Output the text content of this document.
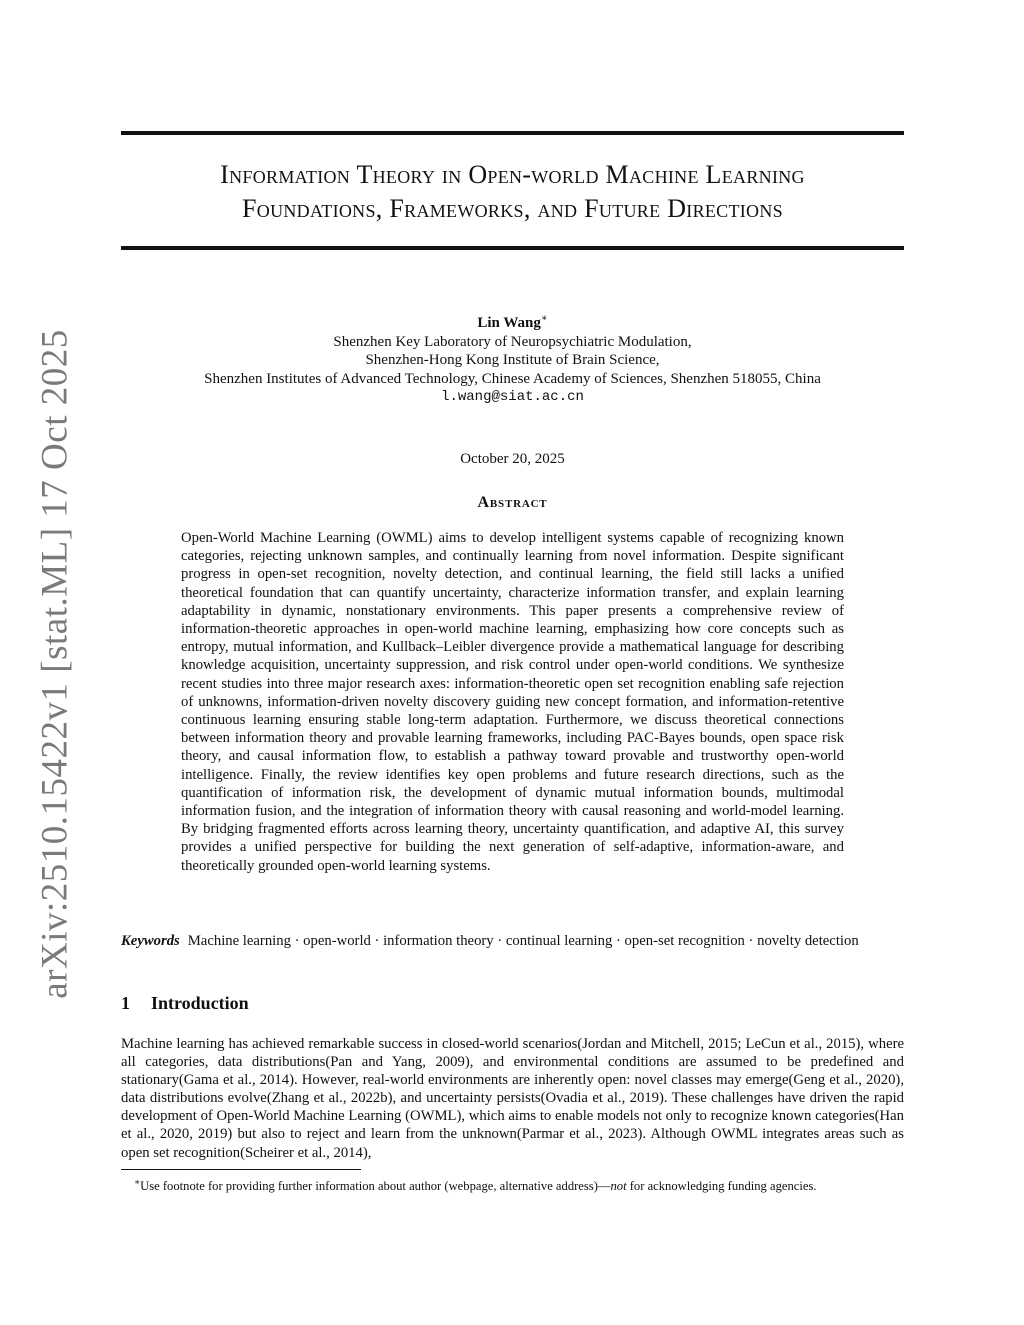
arXiv:2510.15422v1 [stat.ML] 17 Oct 2025
Information Theory in Open-world Machine Learning
Foundations, Frameworks, and Future Directions
Lin Wang∗
Shenzhen Key Laboratory of Neuropsychiatric Modulation,
Shenzhen-Hong Kong Institute of Brain Science,
Shenzhen Institutes of Advanced Technology, Chinese Academy of Sciences, Shenzhen 518055, China
l.wang@siat.ac.cn
October 20, 2025
Abstract
Open-World Machine Learning (OWML) aims to develop intelligent systems capable of recognizing known categories, rejecting unknown samples, and continually learning from novel information. Despite significant progress in open-set recognition, novelty detection, and continual learning, the field still lacks a unified theoretical foundation that can quantify uncertainty, characterize information transfer, and explain learning adaptability in dynamic, nonstationary environments. This paper presents a comprehensive review of information-theoretic approaches in open-world machine learning, emphasizing how core concepts such as entropy, mutual information, and Kullback–Leibler divergence provide a mathematical language for describing knowledge acquisition, uncertainty suppression, and risk control under open-world conditions. We synthesize recent studies into three major research axes: information-theoretic open set recognition enabling safe rejection of unknowns, information-driven novelty discovery guiding new concept formation, and information-retentive continuous learning ensuring stable long-term adaptation. Furthermore, we discuss theoretical connections between information theory and provable learning frameworks, including PAC-Bayes bounds, open space risk theory, and causal information flow, to establish a pathway toward provable and trustworthy open-world intelligence. Finally, the review identifies key open problems and future research directions, such as the quantification of information risk, the development of dynamic mutual information bounds, multimodal information fusion, and the integration of information theory with causal reasoning and world-model learning. By bridging fragmented efforts across learning theory, uncertainty quantification, and adaptive AI, this survey provides a unified perspective for building the next generation of self-adaptive, information-aware, and theoretically grounded open-world learning systems.
Keywords Machine learning · open-world · information theory · continual learning · open-set recognition · novelty detection
1 Introduction
Machine learning has achieved remarkable success in closed-world scenarios(Jordan and Mitchell, 2015; LeCun et al., 2015), where all categories, data distributions(Pan and Yang, 2009), and environmental conditions are assumed to be predefined and stationary(Gama et al., 2014). However, real-world environments are inherently open: novel classes may emerge(Geng et al., 2020), data distributions evolve(Zhang et al., 2022b), and uncertainty persists(Ovadia et al., 2019). These challenges have driven the rapid development of Open-World Machine Learning (OWML), which aims to enable models not only to recognize known categories(Han et al., 2020, 2019) but also to reject and learn from the unknown(Parmar et al., 2023). Although OWML integrates areas such as open set recognition(Scheirer et al., 2014),
∗Use footnote for providing further information about author (webpage, alternative address)—not for acknowledging funding agencies.
